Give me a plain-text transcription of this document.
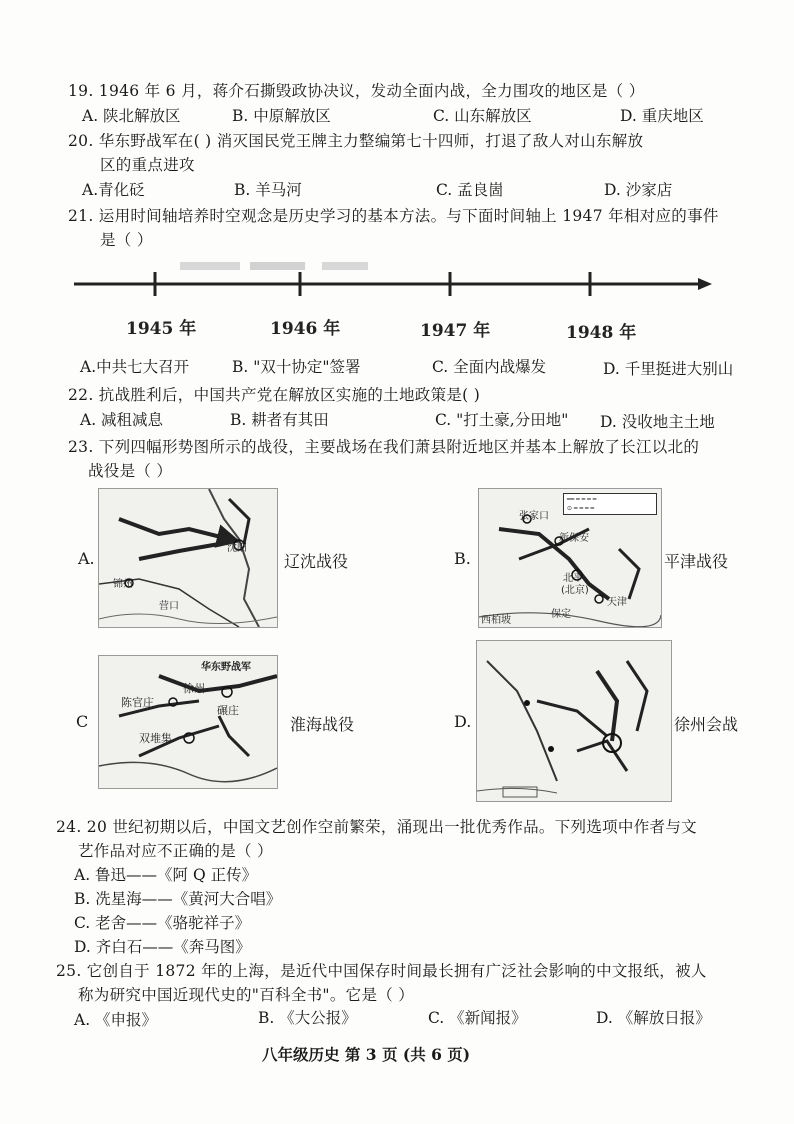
19. 1946 年 6 月，蒋介石撕毁政协决议，发动全面内战，全力围攻的地区是（ ）
A. 陕北解放区	B. 中原解放区	C. 山东解放区	D. 重庆地区
20. 华东野战军在( ) 消灭国民党王牌主力整编第七十四师，打退了敌人对山东解放
区的重点进攻
A.青化砭	B. 羊马河	C. 孟良崮	D. 沙家店
21. 运用时间轴培养时空观念是历史学习的基本方法。与下面时间轴上 1947 年相对应的事件
是（ ）
1945 年	1946 年	1947 年	1948 年
A.中共七大召开	B. "双十协定"签署	C. 全面内战爆发	D. 千里挺进大别山
22. 抗战胜利后，中国共产党在解放区实施的土地政策是( )
A. 减租减息	B. 耕者有其田	C. "打土豪,分田地" D. 没收地主土地
23. 下列四幅形势图所示的战役，主要战场在我们萧县附近地区并基本上解放了长江以北的
战役是（ ）
A.
沈阳
锦州
营口
辽沈战役	B.
━━ ━ ━ ━ ━
⊙ ━ ━ ━ ━
张家口
新保安
北平
(北京)
保定
天津
西柏坡
平津战役
C
华东野战军
徐州
陈官庄
碾庄
双堆集
淮海战役	D.	徐州会战
24. 20 世纪初期以后，中国文艺创作空前繁荣，涌现出一批优秀作品。下列选项中作者与文
艺作品对应不正确的是（ ）
A. 鲁迅——《阿 Q 正传》
B. 冼星海——《黄河大合唱》
C. 老舍——《骆驼祥子》
D. 齐白石——《奔马图》
25. 它创自于 1872 年的上海，是近代中国保存时间最长拥有广泛社会影响的中文报纸，被人
称为研究中国近现代史的"百科全书"。它是（ ）
A. 《申报》	B. 《大公报》	C. 《新闻报》	D. 《解放日报》
八年级历史 第 3 页 (共 6 页)
